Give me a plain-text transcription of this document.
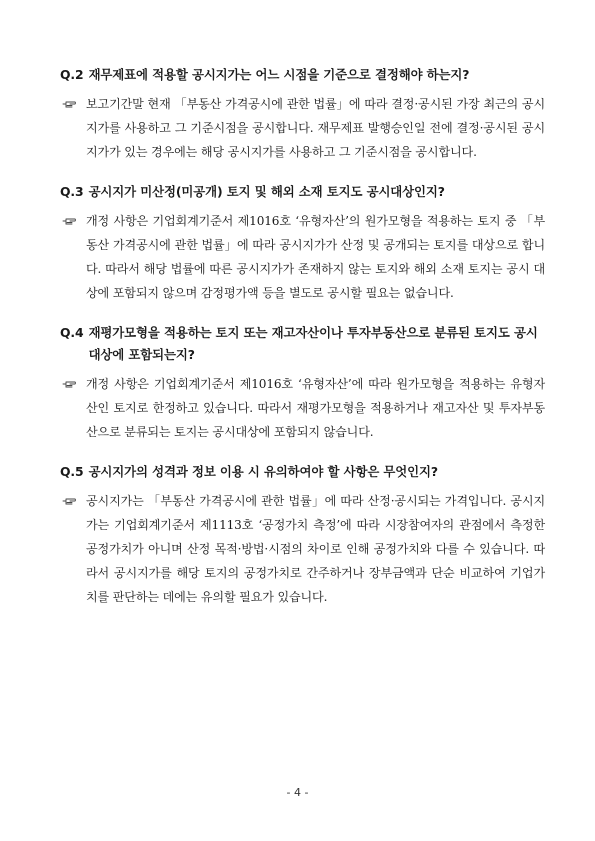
Q.2 재무제표에 적용할 공시지가는 어느 시점을 기준으로 결정해야 하는지?
보고기간말 현재 「부동산 가격공시에 관한 법률」에 따라 결정·공시된 가장 최근의 공시지가를 사용하고 그 기준시점을 공시합니다. 재무제표 발행승인일 전에 결정·공시된 공시지가가 있는 경우에는 해당 공시지가를 사용하고 그 기준시점을 공시합니다.
Q.3 공시지가 미산정(미공개) 토지 및 해외 소재 토지도 공시대상인지?
개정 사항은 기업회계기준서 제1016호 ‘유형자산’의 원가모형을 적용하는 토지 중 「부동산 가격공시에 관한 법률」에 따라 공시지가가 산정 및 공개되는 토지를 대상으로 합니다. 따라서 해당 법률에 따른 공시지가가 존재하지 않는 토지와 해외 소재 토지는 공시 대상에 포함되지 않으며 감정평가액 등을 별도로 공시할 필요는 없습니다.
Q.4 재평가모형을 적용하는 토지 또는 재고자산이나 투자부동산으로 분류된 토지도 공시 대상에 포함되는지?
개정 사항은 기업회계기준서 제1016호 ‘유형자산’에 따라 원가모형을 적용하는 유형자산인 토지로 한정하고 있습니다. 따라서 재평가모형을 적용하거나 재고자산 및 투자부동산으로 분류되는 토지는 공시대상에 포함되지 않습니다.
Q.5 공시지가의 성격과 정보 이용 시 유의하여야 할 사항은 무엇인지?
공시지가는 「부동산 가격공시에 관한 법률」에 따라 산정·공시되는 가격입니다. 공시지가는 기업회계기준서 제1113호 ‘공정가치 측정’에 따라 시장참여자의 관점에서 측정한 공정가치가 아니며 산정 목적·방법·시점의 차이로 인해 공정가치와 다를 수 있습니다. 따라서 공시지가를 해당 토지의 공정가치로 간주하거나 장부금액과 단순 비교하여 기업가치를 판단하는 데에는 유의할 필요가 있습니다.
- 4 -
